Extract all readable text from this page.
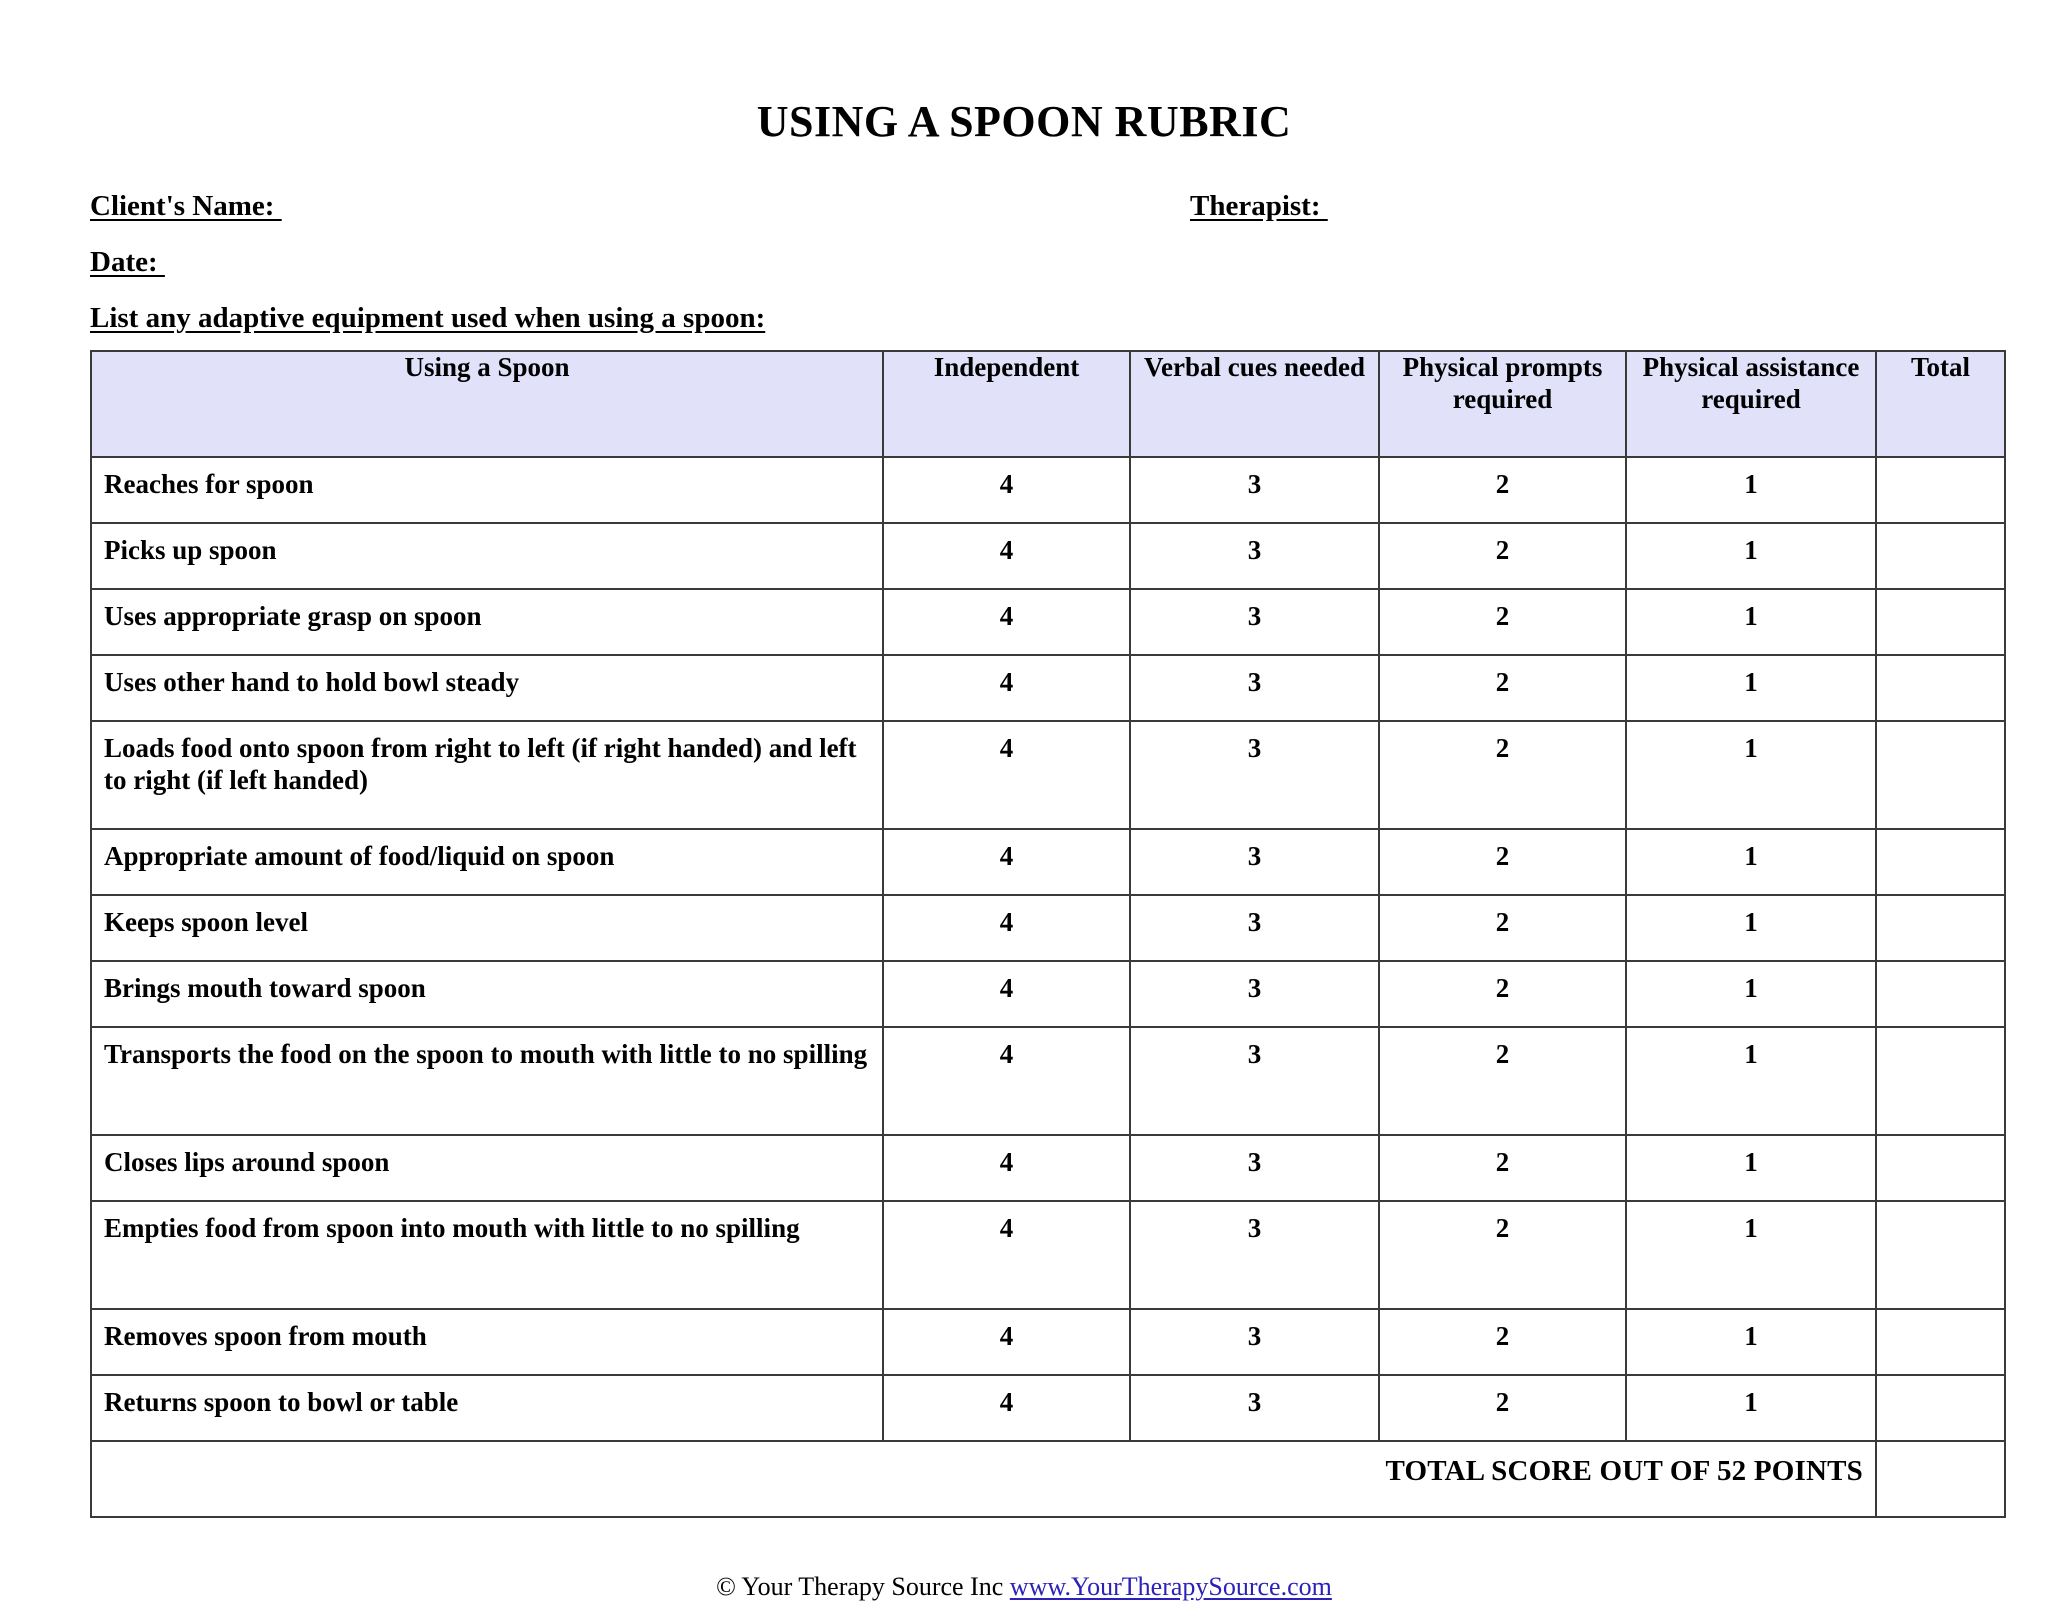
USING A SPOON RUBRIC
Client's Name:	Therapist:
Date:
List any adaptive equipment used when using a spoon:
Using a Spoon	Independent	Verbal cues needed	Physical prompts required	Physical assistance required	Total
Reaches for spoon	4	3	2	1	
Picks up spoon	4	3	2	1	
Uses appropriate grasp on spoon	4	3	2	1	
Uses other hand to hold bowl steady	4	3	2	1	
Loads food onto spoon from right to left (if right handed) and left to right (if left handed)	4	3	2	1	
Appropriate amount of food/liquid on spoon	4	3	2	1	
Keeps spoon level	4	3	2	1	
Brings mouth toward spoon	4	3	2	1	
Transports the food on the spoon to mouth with little to no spilling	4	3	2	1	
Closes lips around spoon	4	3	2	1	
Empties food from spoon into mouth with little to no spilling	4	3	2	1	
Removes spoon from mouth	4	3	2	1	
Returns spoon to bowl or table	4	3	2	1	
TOTAL SCORE OUT OF 52 POINTS					
© Your Therapy Source Inc www.YourTherapySource.com
